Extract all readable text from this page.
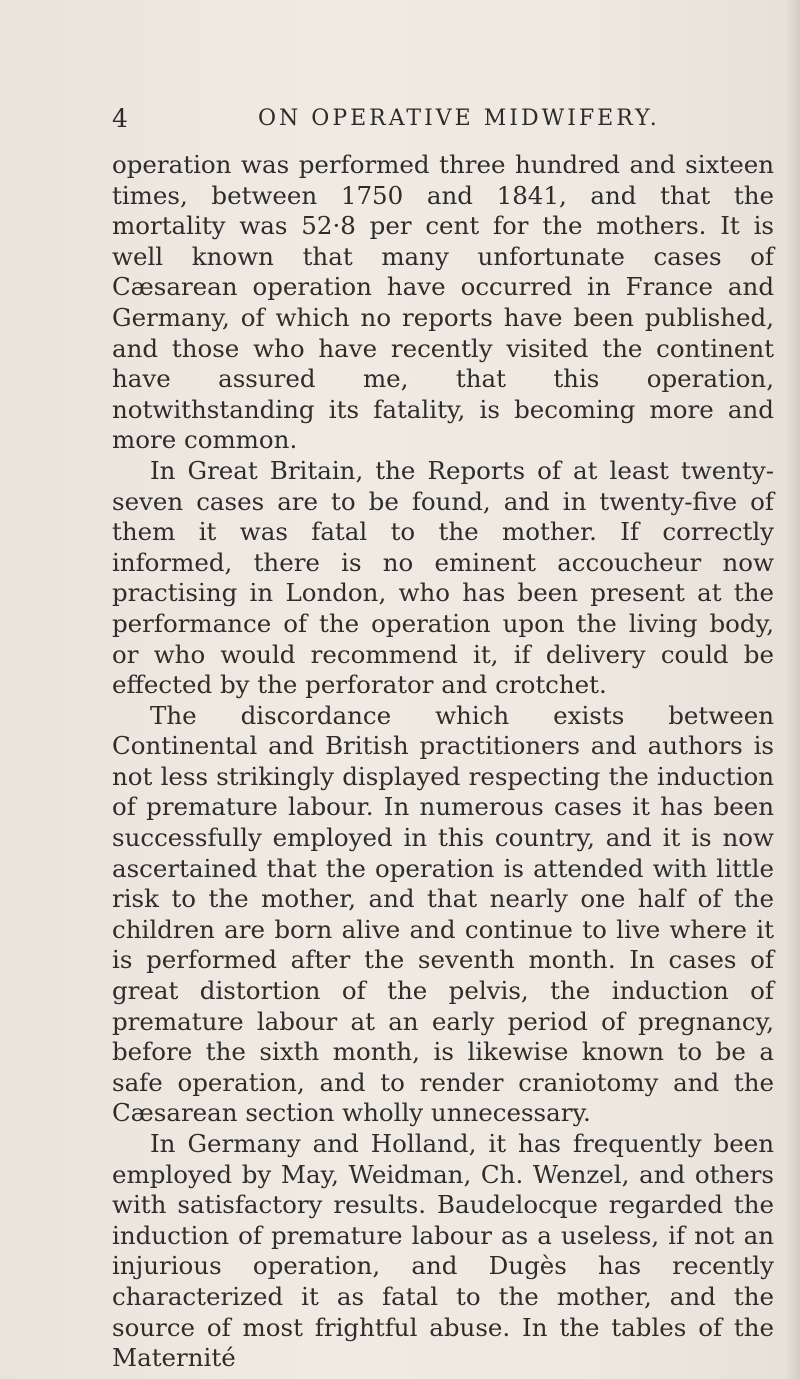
4	ON OPERATIVE MIDWIFERY.

operation was performed three hundred and sixteen times, between 1750 and 1841, and that the mortality was 52·8 per cent for the mothers. It is well known that many unfortunate cases of Cæsarean operation have occurred in France and Germany, of which no reports have been published, and those who have recently visited the continent have assured me, that this operation, notwithstanding its fatality, is becoming more and more common.

In Great Britain, the Reports of at least twenty-seven cases are to be found, and in twenty-five of them it was fatal to the mother. If correctly informed, there is no eminent accoucheur now practising in London, who has been present at the performance of the operation upon the living body, or who would recommend it, if delivery could be effected by the perforator and crotchet.

The discordance which exists between Continental and British practitioners and authors is not less strikingly displayed respecting the induction of premature labour. In numerous cases it has been successfully employed in this country, and it is now ascertained that the operation is attended with little risk to the mother, and that nearly one half of the children are born alive and continue to live where it is performed after the seventh month. In cases of great distortion of the pelvis, the induction of premature labour at an early period of pregnancy, before the sixth month, is likewise known to be a safe operation, and to render craniotomy and the Cæsarean section wholly unnecessary.

In Germany and Holland, it has frequently been employed by May, Weidman, Ch. Wenzel, and others with satisfactory results. Baudelocque regarded the induction of premature labour as a useless, if not an injurious operation, and Dugès has recently characterized it as fatal to the mother, and the source of most frightful abuse. In the tables of the Maternité
